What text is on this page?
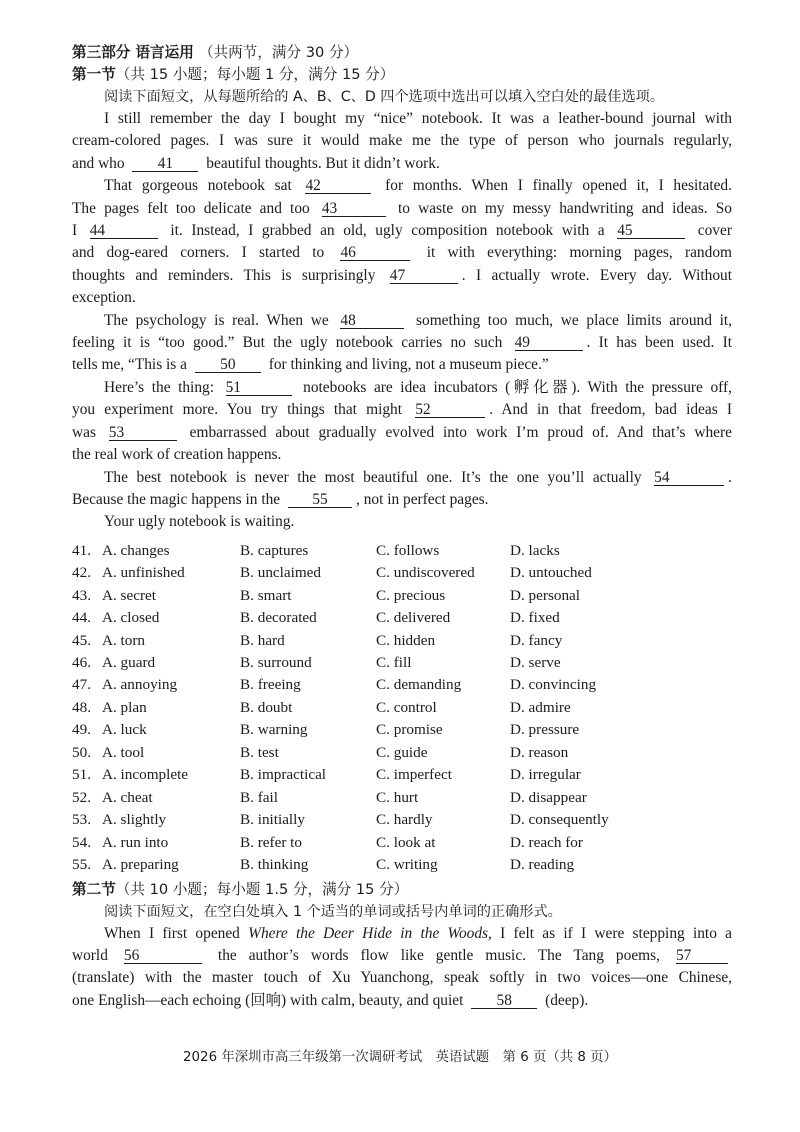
第三部分 语言运用 （共两节，满分 30 分）
第一节（共 15 小题；每小题 1 分，满分 15 分）
阅读下面短文，从每题所给的 A、B、C、D 四个选项中选出可以填入空白处的最佳选项。
I still remember the day I bought my “nice” notebook. It was a leather-bound journal with
cream-colored pages. I was sure it would make me the type of person who journals regularly,
and who 41 beautiful thoughts. But it didn’t work.
That gorgeous notebook sat 42	for months. When I finally opened it, I hesitated.
The pages felt too delicate and too 43	to waste on my messy handwriting and ideas. So
I 44	it. Instead, I grabbed an old, ugly composition notebook with a 45	cover
and dog-eared corners. I started to 46	it with everything: morning pages, random
thoughts and reminders. This is surprisingly 47	. I actually wrote. Every day. Without
exception.
The psychology is real. When we 48	something too much, we place limits around it,
feeling it is “too good.” But the ugly notebook carries no such 49	. It has been used. It
tells me, “This is a 50 for thinking and living, not a museum piece.”
Here’s the thing: 51	notebooks are idea incubators (孵化器). With the pressure off,
you experiment more. You try things that might 52	. And in that freedom, bad ideas I
was 53	embarrassed about gradually evolved into work I’m proud of. And that’s where
the real work of creation happens.
The best notebook is never the most beautiful one. It’s the one you’ll actually 54	.
Because the magic happens in the 55 , not in perfect pages.
Your ugly notebook is waiting.
41. A. changes	B. captures	C. follows	D. lacks
42. A. unfinished	B. unclaimed	C. undiscovered	D. untouched
43. A. secret	B. smart	C. precious	D. personal
44. A. closed	B. decorated	C. delivered	D. fixed
45. A. torn	B. hard	C. hidden	D. fancy
46. A. guard	B. surround	C. fill	D. serve
47. A. annoying	B. freeing	C. demanding	D. convincing
48. A. plan	B. doubt	C. control	D. admire
49. A. luck	B. warning	C. promise	D. pressure
50. A. tool	B. test	C. guide	D. reason
51. A. incomplete	B. impractical	C. imperfect	D. irregular
52. A. cheat	B. fail	C. hurt	D. disappear
53. A. slightly	B. initially	C. hardly	D. consequently
54. A. run into	B. refer to	C. look at	D. reach for
55. A. preparing	B. thinking	C. writing	D. reading
第二节（共 10 小题；每小题 1.5 分，满分 15 分）
阅读下面短文，在空白处填入 1 个适当的单词或括号内单词的正确形式。
When I first opened Where the Deer Hide in the Woods, I felt as if I were stepping into a
world 56	the author’s words flow like gentle music. The Tang poems, 57
(translate) with the master touch of Xu Yuanchong, speak softly in two voices—one Chinese,
one English—each echoing (回响) with calm, beauty, and quiet 58 (deep).
2026 年深圳市高三年级第一次调研考试　英语试题　第 6 页（共 8 页）
